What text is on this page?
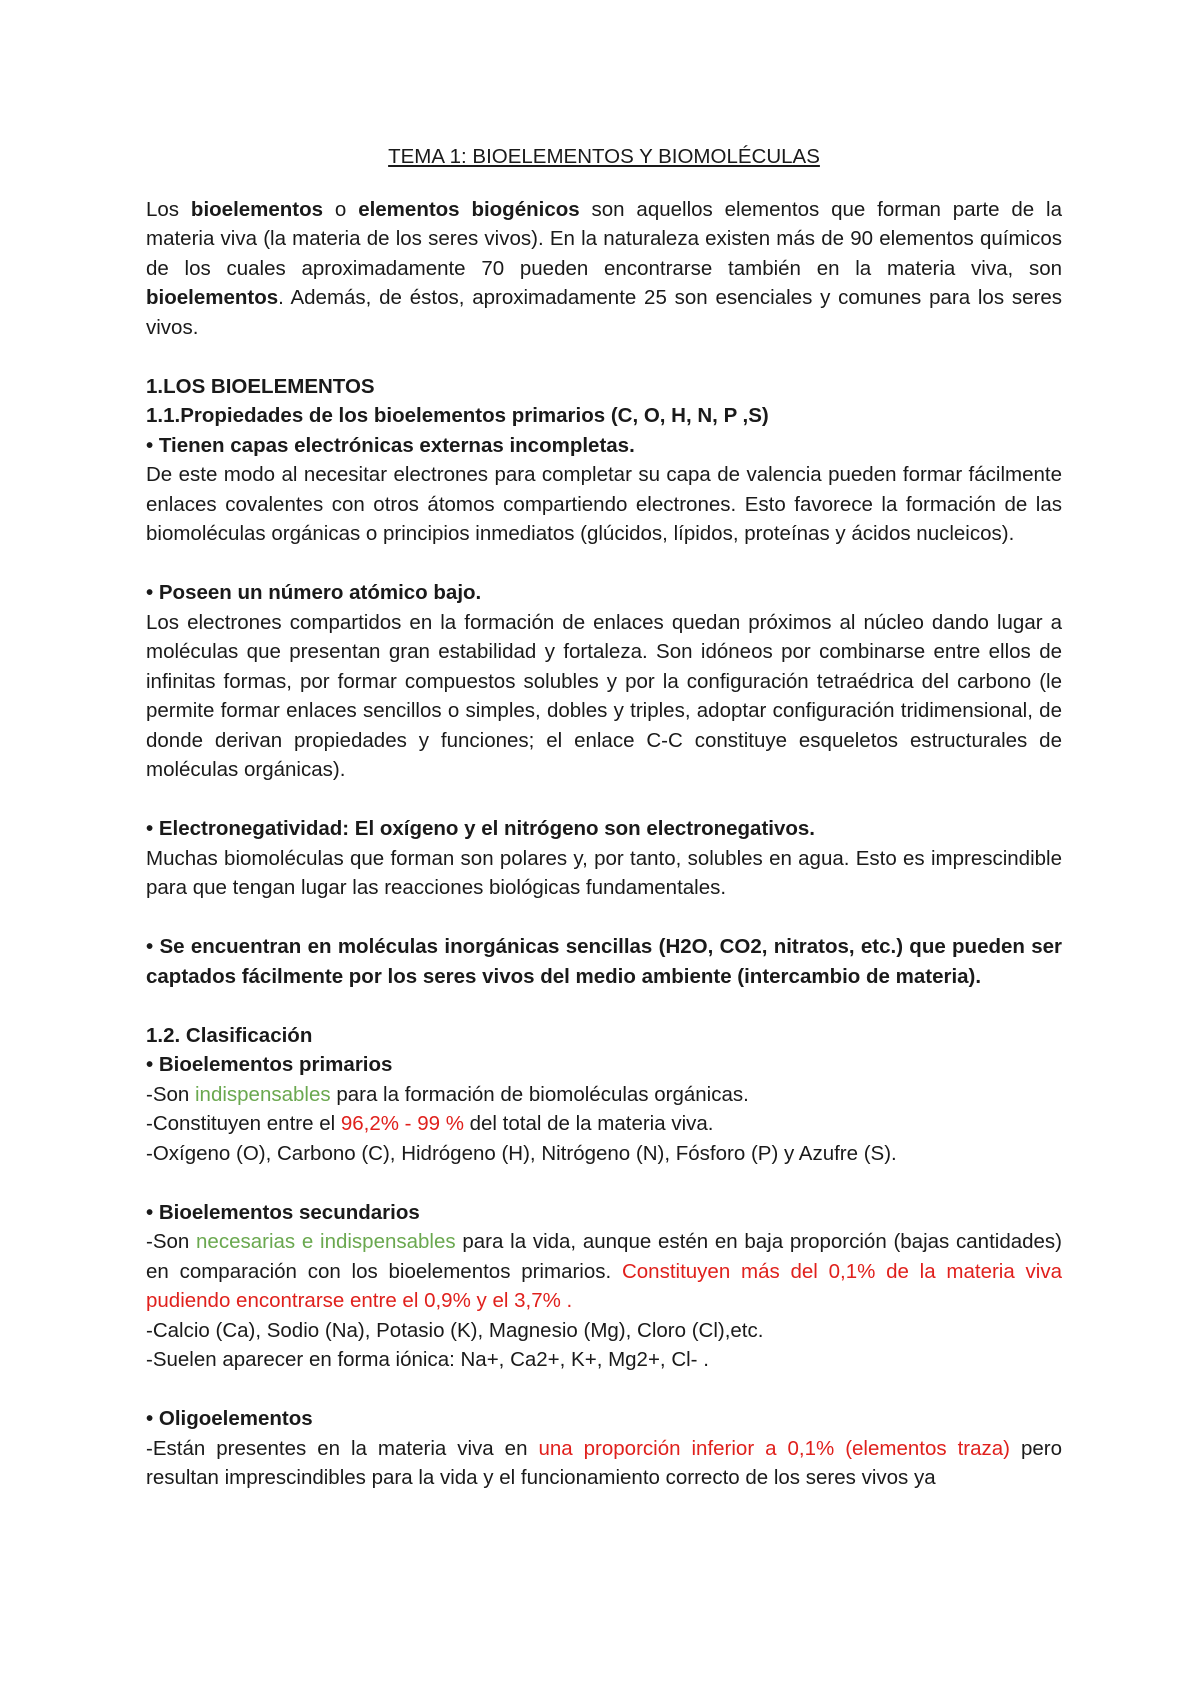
TEMA 1: BIOELEMENTOS Y BIOMOLÉCULAS

Los bioelementos o elementos biogénicos son aquellos elementos que forman parte de la materia viva (la materia de los seres vivos). En la naturaleza existen más de 90 elementos químicos de los cuales aproximadamente 70 pueden encontrarse también en la materia viva, son bioelementos. Además, de éstos, aproximadamente 25 son esenciales y comunes para los seres vivos.

1.LOS BIOELEMENTOS

1.1.Propiedades de los bioelementos primarios (C, O, H, N, P ,S)

• Tienen capas electrónicas externas incompletas.

De este modo al necesitar electrones para completar su capa de valencia pueden formar fácilmente enlaces covalentes con otros átomos compartiendo electrones. Esto favorece la formación de las biomoléculas orgánicas o principios inmediatos (glúcidos, lípidos, proteínas y ácidos nucleicos).

• Poseen un número atómico bajo.

Los electrones compartidos en la formación de enlaces quedan próximos al núcleo dando lugar a moléculas que presentan gran estabilidad y fortaleza. Son idóneos por combinarse entre ellos de infinitas formas, por formar compuestos solubles y por la configuración tetraédrica del carbono (le permite formar enlaces sencillos o simples, dobles y triples, adoptar configuración tridimensional, de donde derivan propiedades y funciones; el enlace C-C constituye esqueletos estructurales de moléculas orgánicas).

• Electronegatividad: El oxígeno y el nitrógeno son electronegativos.

Muchas biomoléculas que forman son polares y, por tanto, solubles en agua. Esto es imprescindible para que tengan lugar las reacciones biológicas fundamentales.

• Se encuentran en moléculas inorgánicas sencillas (H2O, CO2, nitratos, etc.) que pueden ser captados fácilmente por los seres vivos del medio ambiente (intercambio de materia).

1.2. Clasificación

• Bioelementos primarios

-Son indispensables para la formación de biomoléculas orgánicas.

-Constituyen entre el 96,2% - 99 % del total de la materia viva.

-Oxígeno (O), Carbono (C), Hidrógeno (H), Nitrógeno (N), Fósforo (P) y Azufre (S).

• Bioelementos secundarios

-Son necesarias e indispensables para la vida, aunque estén en baja proporción (bajas cantidades) en comparación con los bioelementos primarios. Constituyen más del 0,1% de la materia viva pudiendo encontrarse entre el 0,9% y el 3,7% .

-Calcio (Ca), Sodio (Na), Potasio (K), Magnesio (Mg), Cloro (Cl),etc.

-Suelen aparecer en forma iónica: Na+, Ca2+, K+, Mg2+, Cl- .

• Oligoelementos

-Están presentes en la materia viva en una proporción inferior a 0,1% (elementos traza) pero resultan imprescindibles para la vida y el funcionamiento correcto de los seres vivos ya
